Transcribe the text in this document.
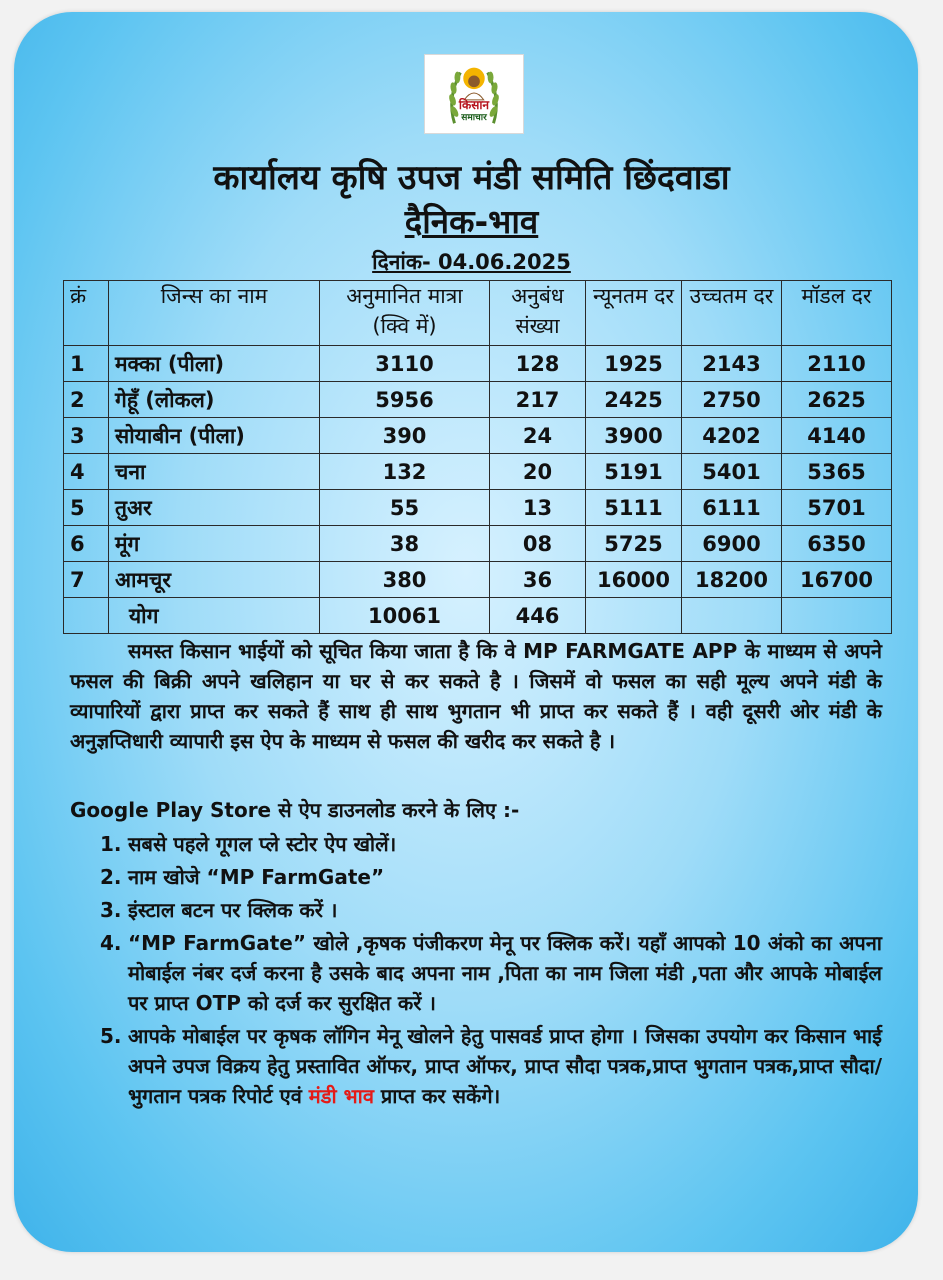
किसान
समाचार
कार्यालय कृषि उपज मंडी समिति छिंदवाडा
दैनिक-भाव
दिनांक- 04.06.2025
क्रं	जिन्स का नाम	अनुमानित मात्रा (क्वि में)	अनुबंध संख्या	न्यूनतम दर	उच्चतम दर	मॉडल दर
1	मक्का (पीला)	3110	128	1925	2143	2110
2	गेहूँ (लोकल)	5956	217	2425	2750	2625
3	सोयाबीन (पीला)	390	24	3900	4202	4140
4	चना	132	20	5191	5401	5365
5	तुअर	55	13	5111	6111	5701
6	मूंग	38	08	5725	6900	6350
7	आमचूर	380	36	16000	18200	16700
	योग	10061	446			
समस्त किसान भाईयों को सूचित किया जाता है कि वे MP FARMGATE APP के माध्यम से अपने फसल की बिक्री अपने खलिहान या घर से कर सकते है । जिसमें वो फसल का सही मूल्य अपने मंडी के व्यापारियों द्वारा प्राप्त कर सकते हैं साथ ही साथ भुगतान भी प्राप्त कर सकते हैं । वही दूसरी ओर मंडी के अनुज्ञप्तिधारी व्यापारी इस ऐप के माध्यम से फसल की खरीद कर सकते है ।
Google Play Store से ऐप डाउनलोड करने के लिए :-
1. सबसे पहले गूगल प्ले स्टोर ऐप खोलें।
2. नाम खोजे “MP FarmGate”
3. इंस्टाल बटन पर क्लिक करें ।
4. “MP FarmGate” खोले ,कृषक पंजीकरण मेनू पर क्लिक करें। यहाँ आपको 10 अंको का अपना मोबाईल नंबर दर्ज करना है उसके बाद अपना नाम ,पिता का नाम जिला मंडी ,पता और आपके मोबाईल पर प्राप्त OTP को दर्ज कर सुरक्षित करें ।
5. आपके मोबाईल पर कृषक लॉगिन मेनू खोलने हेतु पासवर्ड प्राप्त होगा । जिसका उपयोग कर किसान भाई अपने उपज विक्रय हेतु प्रस्तावित ऑफर, प्राप्त ऑफर, प्राप्त सौदा पत्रक,प्राप्त भुगतान पत्रक,प्राप्त सौदा/भुगतान पत्रक रिपोर्ट एवं मंडी भाव प्राप्त कर सकेंगे।
